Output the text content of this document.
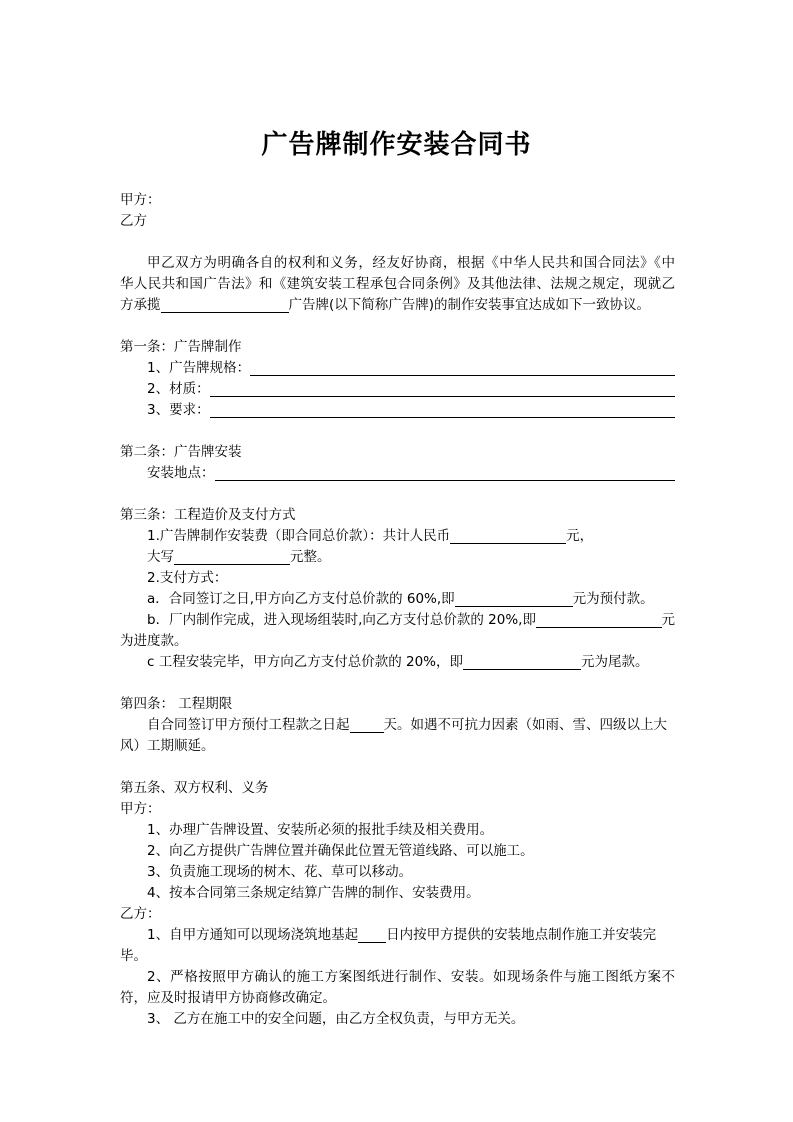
广告牌制作安装合同书
甲方：
乙方
甲乙双方为明确各自的权利和义务，经友好协商，根据《中华人民共和国合同法》《中
华人民共和国广告法》和《建筑安装工程承包合同条例》及其他法律、法规之规定，现就乙
方承揽	广告牌(以下简称广告牌)的制作安装事宜达成如下一致协议。
第一条：广告牌制作
1、广告牌规格：
2、材质：
3、要求：
第二条：广告牌安装
安装地点：
第三条：工程造价及支付方式
1.广告牌制作安装费（即合同总价款）：共计人民币	元，
大写	元整。
2.支付方式：
a．合同签订之日,甲方向乙方支付总价款的 60%,即	元为预付款。
b．厂内制作完成，进入现场组装时,向乙方支付总价款的 20%,即	元
为进度款。
c 工程安装完毕，甲方向乙方支付总价款的 20%，即	元为尾款。
第四条： 工程期限
自合同签订甲方预付工程款之日起	天。如遇不可抗力因素（如雨、雪、四级以上大
风）工期顺延。
第五条、双方权利、义务
甲方：
1、办理广告牌设置、安装所必须的报批手续及相关费用。
2、向乙方提供广告牌位置并确保此位置无管道线路、可以施工。
3、负责施工现场的树木、花、草可以移动。
4、按本合同第三条规定结算广告牌的制作、安装费用。
乙方：
1、自甲方通知可以现场浇筑地基起 日内按甲方提供的安装地点制作施工并安装完
毕。
2、严格按照甲方确认的施工方案图纸进行制作、安装。如现场条件与施工图纸方案不
符，应及时报请甲方协商修改确定。
3、 乙方在施工中的安全问题，由乙方全权负责，与甲方无关。
